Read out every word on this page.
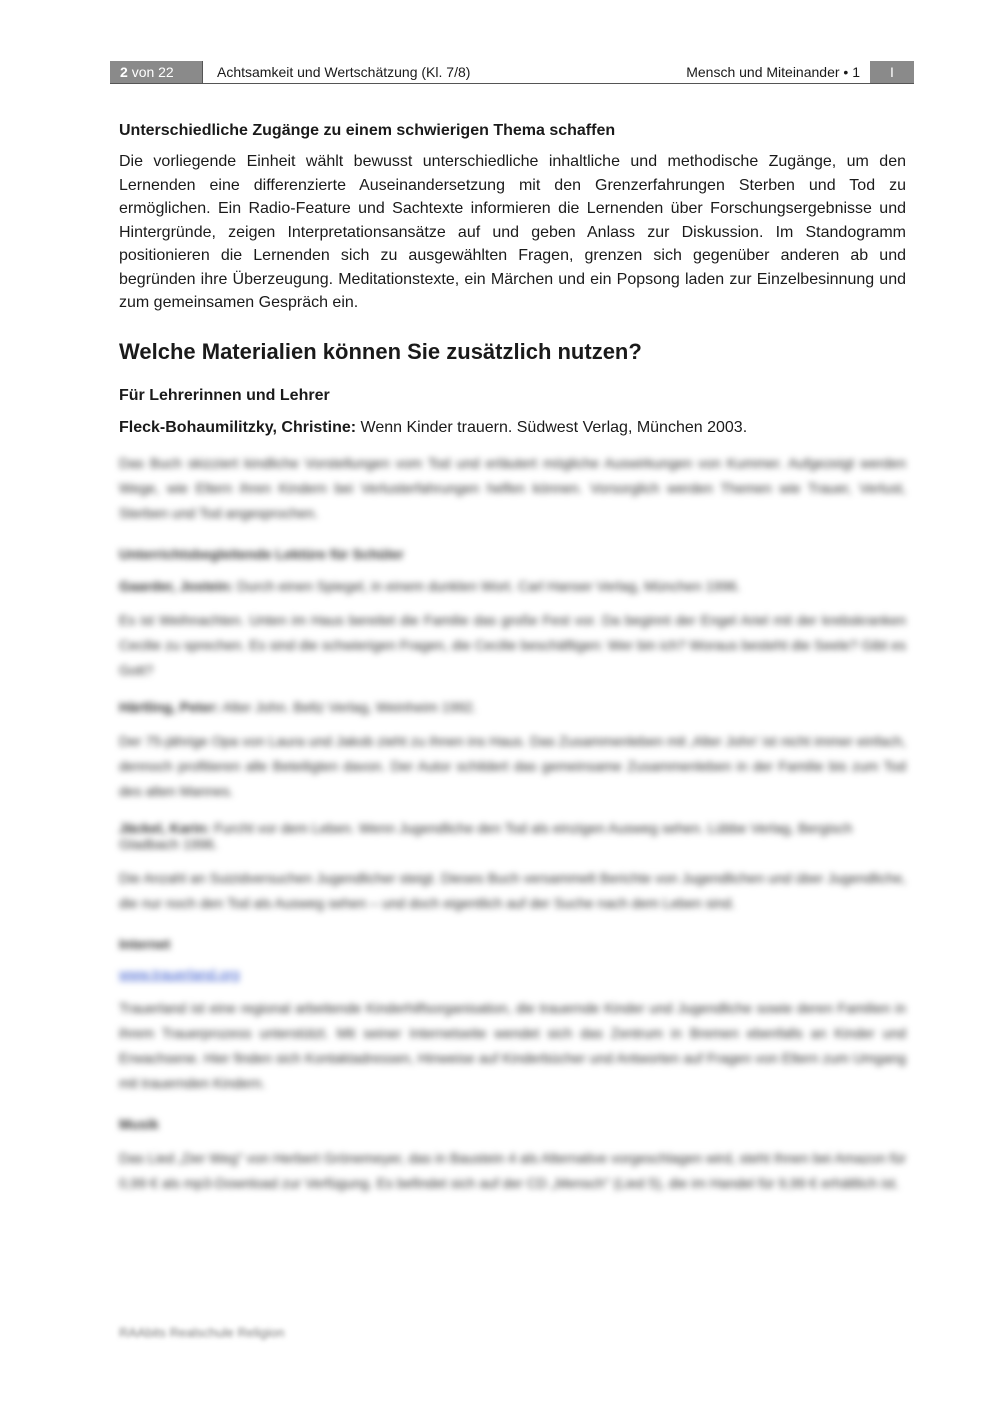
2 von 22	Achtsamkeit und Wertschätzung (Kl. 7/8)	Mensch und Miteinander • 1	I

Unterschiedliche Zugänge zu einem schwierigen Thema schaffen

Die vorliegende Einheit wählt bewusst unterschiedliche inhaltliche und methodische Zugänge, um den Lernenden eine differenzierte Auseinandersetzung mit den Grenzerfahrungen Sterben und Tod zu ermöglichen. Ein Radio-Feature und Sachtexte informieren die Lernenden über Forschungsergebnisse und Hintergründe, zeigen Interpretationsansätze auf und geben Anlass zur Diskussion. Im Standogramm positionieren die Lernenden sich zu ausgewählten Fragen, grenzen sich gegenüber anderen ab und begründen ihre Überzeugung. Meditationstexte, ein Märchen und ein Popsong laden zur Einzelbesinnung und zum gemeinsamen Gespräch ein.

Welche Materialien können Sie zusätzlich nutzen?

Für Lehrerinnen und Lehrer

Fleck-Bohaumilitzky, Christine: Wenn Kinder trauern. Südwest Verlag, München 2003.

Das Buch skizziert kindliche Vorstellungen vom Tod und erläutert mögliche Auswirkungen von Kummer. Aufgezeigt werden Wege, wie Eltern ihren Kindern bei Verlusterfahrungen helfen können. Vorsorglich werden Themen wie Trauer, Verlust, Sterben und Tod angesprochen.

Unterrichtsbegleitende Lektüre für Schüler

Gaarder, Jostein: Durch einen Spiegel, in einem dunklen Wort. Carl Hanser Verlag, München 1996.

Es ist Weihnachten. Unten im Haus bereitet die Familie das große Fest vor. Da beginnt der Engel Ariel mit der krebskranken Cecilie zu sprechen. Es sind die schwierigen Fragen, die Cecilie beschäftigen: Wer bin ich? Woraus besteht die Seele? Gibt es Gott?

Härtling, Peter: Alter John. Beltz Verlag, Weinheim 1992.

Der 75-jährige Opa von Laura und Jakob zieht zu ihnen ins Haus. Das Zusammenleben mit ‚Alter John' ist nicht immer einfach, dennoch profitieren alle Beteiligten davon. Der Autor schildert das gemeinsame Zusammenleben in der Familie bis zum Tod des alten Mannes.

Jäckel, Karin: Furcht vor dem Leben. Wenn Jugendliche den Tod als einzigen Ausweg sehen. Lübbe Verlag, Bergisch Gladbach 1996.

Die Anzahl an Suizidversuchen Jugendlicher steigt. Dieses Buch versammelt Berichte von Jugendlichen und über Jugendliche, die nur noch den Tod als Ausweg sehen – und doch eigentlich auf der Suche nach dem Leben sind.

Internet

www.trauerland.org

Trauerland ist eine regional arbeitende Kinderhilfsorganisation, die trauernde Kinder und Jugendliche sowie deren Familien in ihrem Trauerprozess unterstützt. Mit seiner Internetseite wendet sich das Zentrum in Bremen ebenfalls an Kinder und Erwachsene. Hier finden sich Kontaktadressen, Hinweise auf Kinderbücher und Antworten auf Fragen von Eltern zum Umgang mit trauernden Kindern.

Musik

Das Lied „Der Weg" von Herbert Grönemeyer, das in Baustein 4 als Alternative vorgeschlagen wird, steht Ihnen bei Amazon für 0,99 € als mp3-Download zur Verfügung. Es befindet sich auf der CD „Mensch" (Lied 5), die im Handel für 9,99 € erhältlich ist.

RAAbits Realschule Religion
